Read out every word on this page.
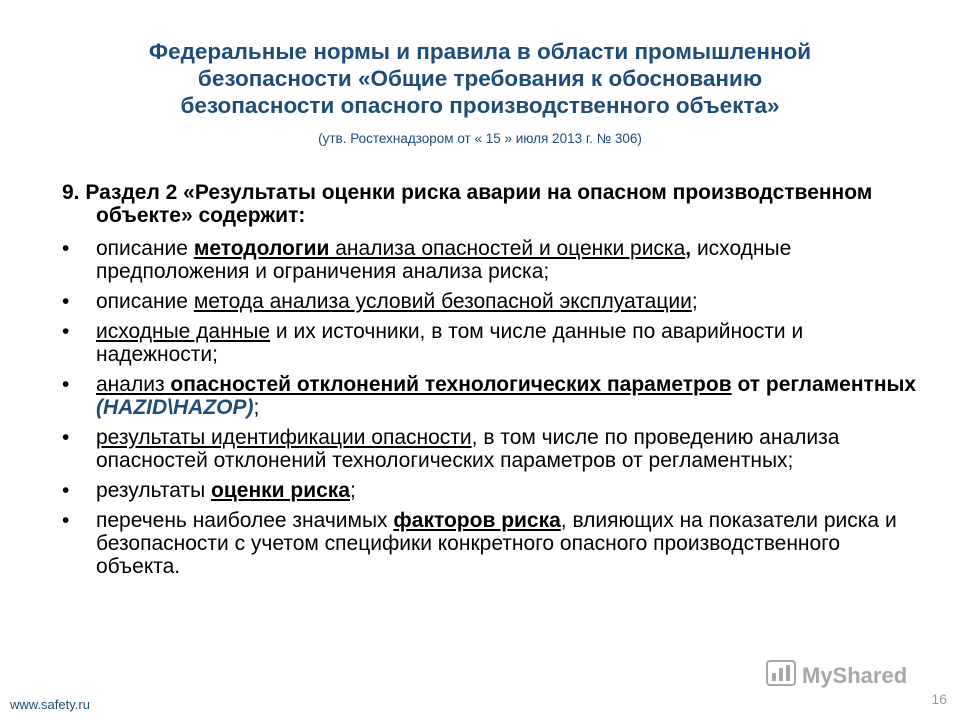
Федеральные нормы и правила в области промышленной
безопасности «Общие требования к обоснованию
безопасности опасного производственного объекта»
(утв. Ростехнадзором от « 15 » июля 2013 г. № 306)
9. Раздел 2 «Результаты оценки риска аварии на опасном производственном объекте» содержит:
• описание методологии анализа опасностей и оценки риска, исходные предположения и ограничения анализа риска;
• описание метода анализа условий безопасной эксплуатации;
• исходные данные и их источники, в том числе данные по аварийности и надежности;
• анализ опасностей отклонений технологических параметров от регламентных (HAZID\HAZOP);
• результаты идентификации опасности, в том числе по проведению анализа опасностей отклонений технологических параметров от регламентных;
• результаты оценки риска;
• перечень наиболее значимых факторов риска, влияющих на показатели риска и безопасности с учетом специфики конкретного опасного производственного объекта.
MyShared
www.safety.ru	16
